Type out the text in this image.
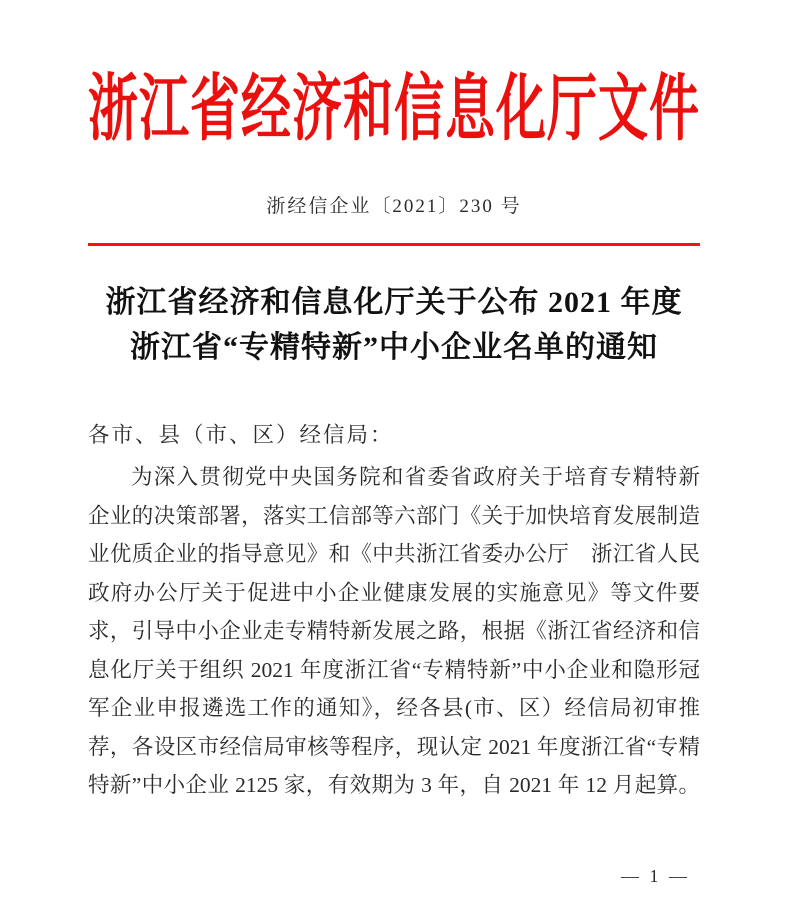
浙江省经济和信息化厅文件
浙经信企业〔2021〕230 号
浙江省经济和信息化厅关于公布 2021 年度
浙江省“专精特新”中小企业名单的通知
各市、县（市、区）经信局：
为深入贯彻党中央国务院和省委省政府关于培育专精特新
企业的决策部署，落实工信部等六部门《关于加快培育发展制造
业优质企业的指导意见》和《中共浙江省委办公厅　浙江省人民
政府办公厅关于促进中小企业健康发展的实施意见》等文件要
求，引导中小企业走专精特新发展之路，根据《浙江省经济和信
息化厅关于组织 2021 年度浙江省“专精特新”中小企业和隐形冠
军企业申报遴选工作的通知》，经各县(市、区）经信局初审推
荐，各设区市经信局审核等程序，现认定 2021 年度浙江省“专精
特新”中小企业 2125 家，有效期为 3 年，自 2021 年 12 月起算。
— 1 —
